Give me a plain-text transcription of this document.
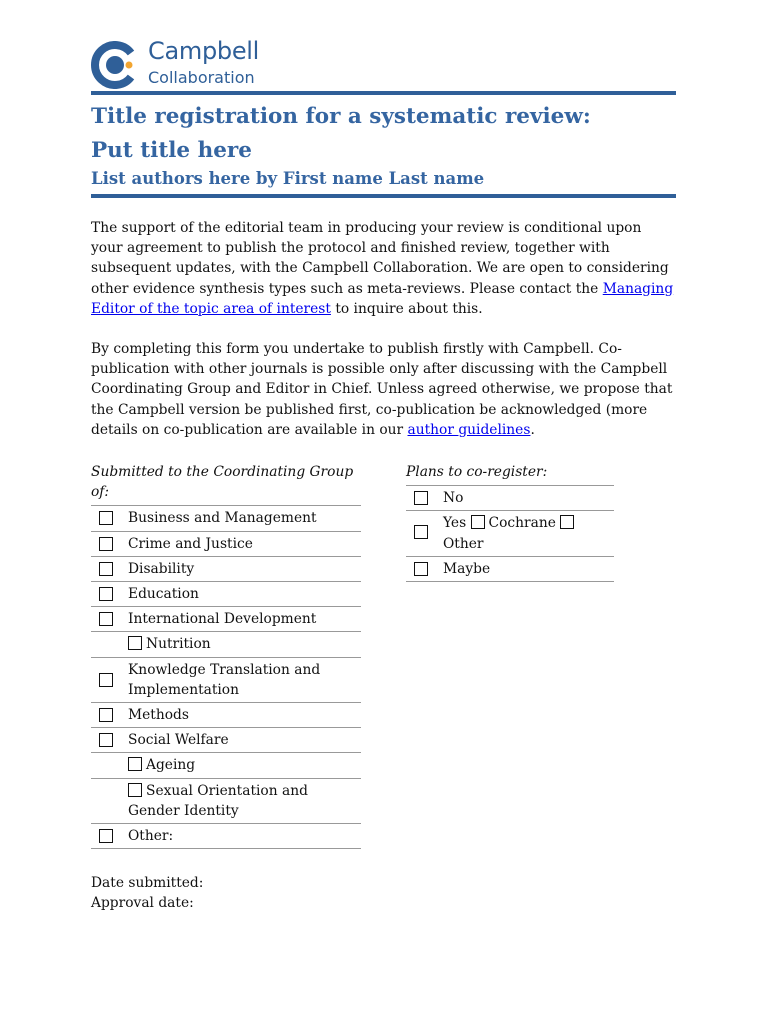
Campbell
Collaboration
Title registration for a systematic review:
Put title here
List authors here by First name Last name

The support of the editorial team in producing your review is conditional upon your agreement to publish the protocol and finished review, together with subsequent updates, with the Campbell Collaboration. We are open to considering other evidence synthesis types such as meta-reviews. Please contact the Managing Editor of the topic area of interest to inquire about this.

By completing this form you undertake to publish firstly with Campbell. Co-publication with other journals is possible only after discussing with the Campbell Coordinating Group and Editor in Chief. Unless agreed otherwise, we propose that the Campbell version be published first, co-publication be acknowledged (more details on co-publication are available in our author guidelines.

Submitted to the Coordinating Group of:
Business and Management
Crime and Justice
Disability
Education
International Development
Nutrition
Knowledge Translation and Implementation
Methods
Social Welfare
Ageing
Sexual Orientation and Gender Identity
Other:
Plans to co-register:
No
Yes Cochrane
Other
Maybe
Date submitted:
Approval date:
